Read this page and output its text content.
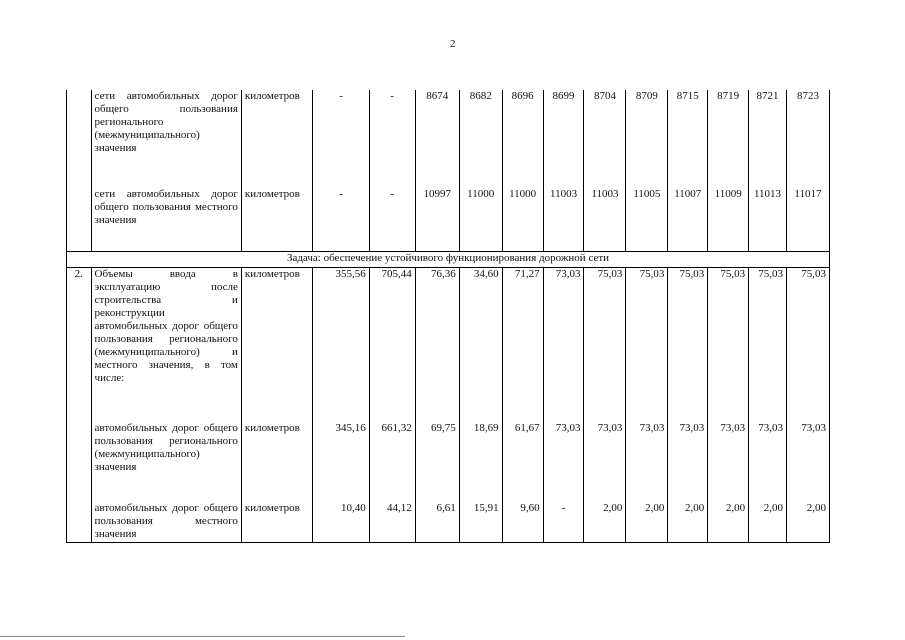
2
	сети автомобильных дорог общего пользования регионального (межмуниципального) значения	километров	-	-	8674	8682	8696	8699	8704	8709	8715	8719	8721	8723
	сети автомобильных дорог общего пользования местного значения	километров	-	-	10997	11000	11000	11003	11003	11005	11007	11009	11013	11017
Задача: обеспечение устойчивого функционирования дорожной сети														
2.	Объемы ввода в эксплуатацию после строительства и реконструкции автомобильных дорог общего пользования регионального (межмуниципального) и местного значения, в том числе:	километров	355,56	705,44	76,36	34,60	71,27	73,03	75,03	75,03	75,03	75,03	75,03	75,03
	автомобильных дорог общего пользования регионального (межмуниципального) значения	километров	345,16	661,32	69,75	18,69	61,67	73,03	73,03	73,03	73,03	73,03	73,03	73,03
	автомобильных дорог общего пользования местного значения	километров	10,40	44,12	6,61	15,91	9,60	-	2,00	2,00	2,00	2,00	2,00	2,00
